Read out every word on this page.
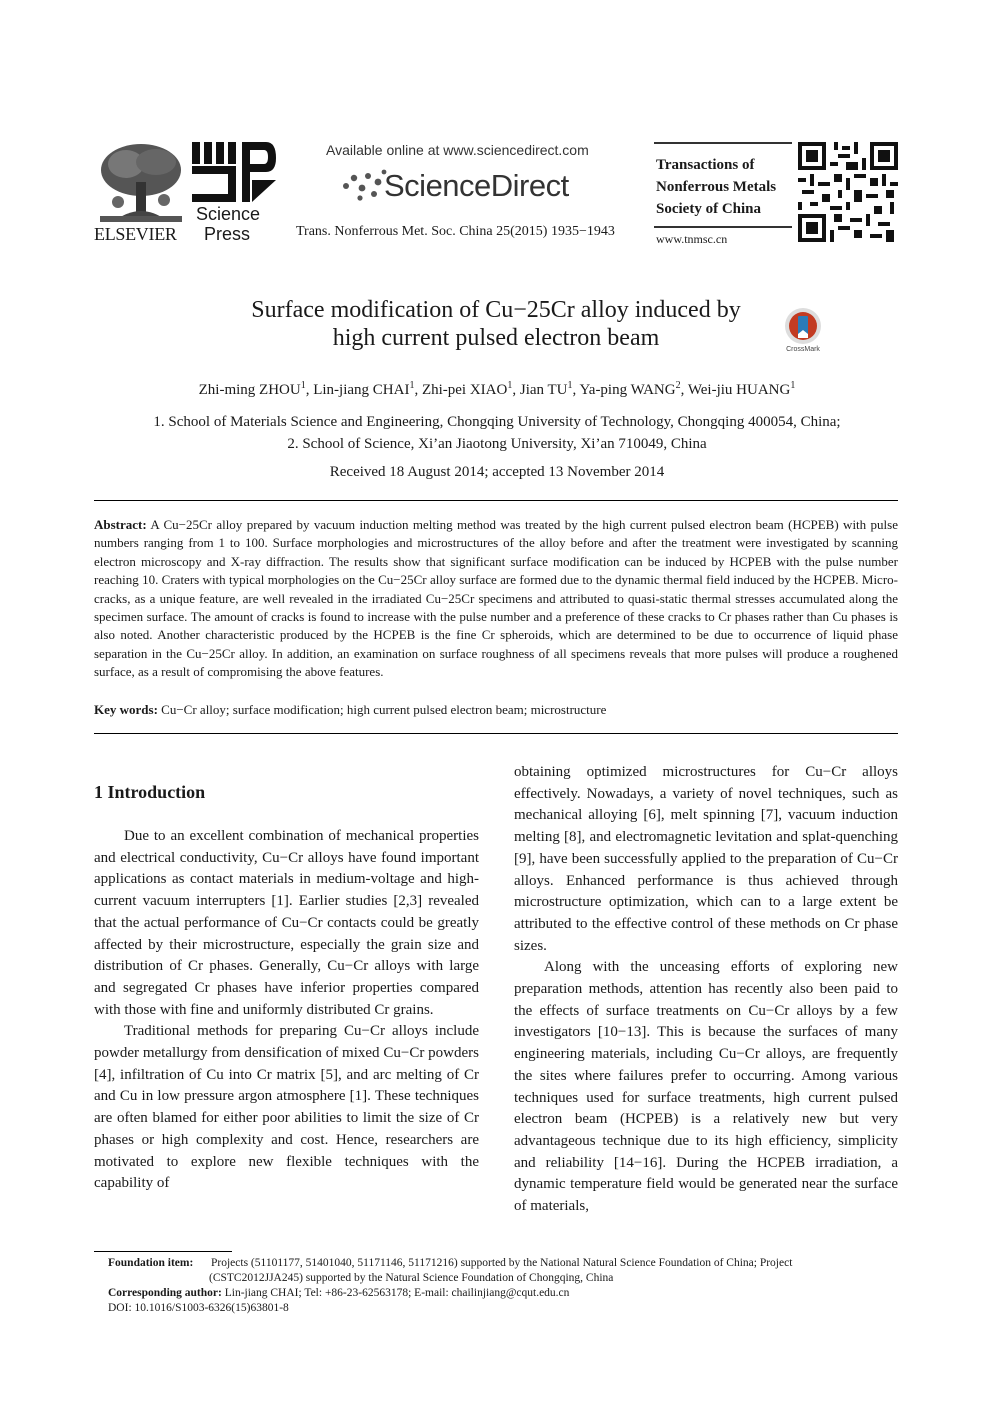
ELSEVIER
Science
Press
Available online at www.sciencedirect.com
ScienceDirect
Trans. Nonferrous Met. Soc. China 25(2015) 1935−1943
Transactions of
Nonferrous Metals
Society of China
www.tnmsc.cn
Surface modification of Cu−25Cr alloy induced by
high current pulsed electron beam	CrossMark
Zhi-ming ZHOU$^1$, Lin-jiang CHAI$^1$, Zhi-pei XIAO$^1$, Jian $TU^1$, Ya-ping WANG$^2$, Wei-jiu HUANG$^1$
1. School of Materials Science and Engineering, Chongqing University of Technology, Chongqing 400054, China;
2. School of Science, Xi’an Jiaotong University, Xi’an 710049, China
Received 18 August 2014; accepted 13 November 2014
Abstract: A Cu−25Cr alloy prepared by vacuum induction melting method was treated by the high current pulsed electron beam (HCPEB) with pulse numbers ranging from 1 to 100. Surface morphologies and microstructures of the alloy before and after the treatment were investigated by scanning electron microscopy and X-ray diffraction. The results show that significant surface modification can be induced by HCPEB with the pulse number reaching 10. Craters with typical morphologies on the Cu−25Cr alloy surface are formed due to the dynamic thermal field induced by the HCPEB. Micro-cracks, as a unique feature, are well revealed in the irradiated Cu−25Cr specimens and attributed to quasi-static thermal stresses accumulated along the specimen surface. The amount of cracks is found to increase with the pulse number and a preference of these cracks to Cr phases rather than Cu phases is also noted. Another characteristic produced by the HCPEB is the fine Cr spheroids, which are determined to be due to occurrence of liquid phase separation in the Cu−25Cr alloy. In addition, an examination on surface roughness of all specimens reveals that more pulses will produce a roughened surface, as a result of compromising the above features.
Key words: Cu−Cr alloy; surface modification; high current pulsed electron beam; microstructure
1 Introduction

Due to an excellent combination of mechanical properties and electrical conductivity, Cu−Cr alloys have found important applications as contact materials in medium-voltage and high-current vacuum interrupters [1]. Earlier studies [2,3] revealed that the actual performance of Cu−Cr contacts could be greatly affected by their microstructure, especially the grain size and distribution of Cr phases. Generally, Cu−Cr alloys with large and segregated Cr phases have inferior properties compared with those with fine and uniformly distributed Cr grains.

Traditional methods for preparing Cu−Cr alloys include powder metallurgy from densification of mixed Cu−Cr powders [4], infiltration of Cu into Cr matrix [5], and arc melting of Cr and Cu in low pressure argon atmosphere [1]. These techniques are often blamed for either poor abilities to limit the size of Cr phases or high complexity and cost. Hence, researchers are motivated to explore new flexible techniques with the capability of

obtaining optimized microstructures for Cu−Cr alloys effectively. Nowadays, a variety of novel techniques, such as mechanical alloying [6], melt spinning [7], vacuum induction melting [8], and electromagnetic levitation and splat-quenching [9], have been successfully applied to the preparation of Cu−Cr alloys. Enhanced performance is thus achieved through microstructure optimization, which can to a large extent be attributed to the effective control of these methods on Cr phase sizes.

Along with the unceasing efforts of exploring new preparation methods, attention has recently also been paid to the effects of surface treatments on Cu−Cr alloys by a few investigators [10−13]. This is because the surfaces of many engineering materials, including Cu−Cr alloys, are frequently the sites where failures prefer to occurring. Among various techniques used for surface treatments, high current pulsed electron beam (HCPEB) is a relatively new but very advantageous technique due to its high efficiency, simplicity and reliability [14−16]. During the HCPEB irradiation, a dynamic temperature field would be generated near the surface of materials,

Foundation item: Projects (51101177, 51401040, 51171146, 51171216) supported by the National Natural Science Foundation of China; Project
(CSTC2012JJA245) supported by the Natural Science Foundation of Chongqing, China
Corresponding author: Lin-jiang CHAI; Tel: +86-23-62563178; E-mail: chailinjiang@cqut.edu.cn
DOI: 10.1016/S1003-6326(15)63801-8
